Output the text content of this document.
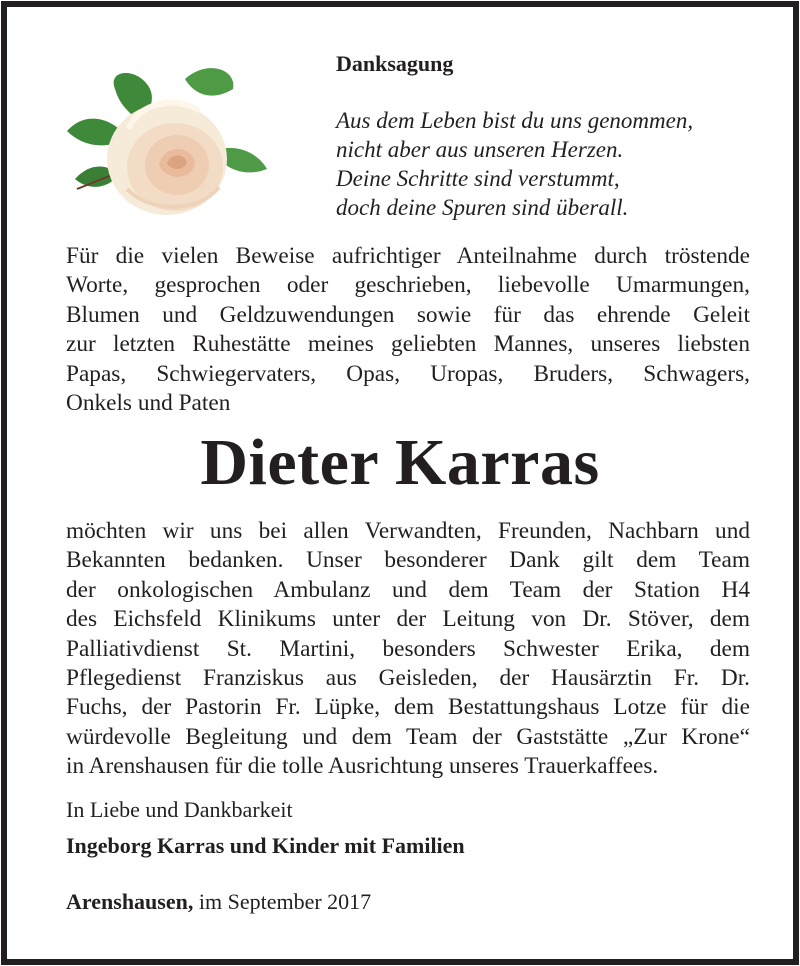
Danksagung
Aus dem Leben bist du uns genommen,
nicht aber aus unseren Herzen.
Deine Schritte sind verstummt,
doch deine Spuren sind überall.
Für die vielen Beweise aufrichtiger Anteilnahme durch tröstende
Worte, gesprochen oder geschrieben, liebevolle Umarmungen,
Blumen und Geldzuwendungen sowie für das ehrende Geleit
zur letzten Ruhestätte meines geliebten Mannes, unseres liebsten
Papas, Schwiegervaters, Opas, Uropas, Bruders, Schwagers,
Onkels und Paten
Dieter Karras
möchten wir uns bei allen Verwandten, Freunden, Nachbarn und
Bekannten bedanken. Unser besonderer Dank gilt dem Team
der onkologischen Ambulanz und dem Team der Station H4
des Eichsfeld Klinikums unter der Leitung von Dr. Stöver, dem
Palliativdienst St. Martini, besonders Schwester Erika, dem
Pflegedienst Franziskus aus Geisleden, der Hausärztin Fr. Dr.
Fuchs, der Pastorin Fr. Lüpke, dem Bestattungshaus Lotze für die
würdevolle Begleitung und dem Team der Gaststätte „Zur Krone“
in Arenshausen für die tolle Ausrichtung unseres Trauerkaffees.
In Liebe und Dankbarkeit
Ingeborg Karras und Kinder mit Familien
Arenshausen, im September 2017
